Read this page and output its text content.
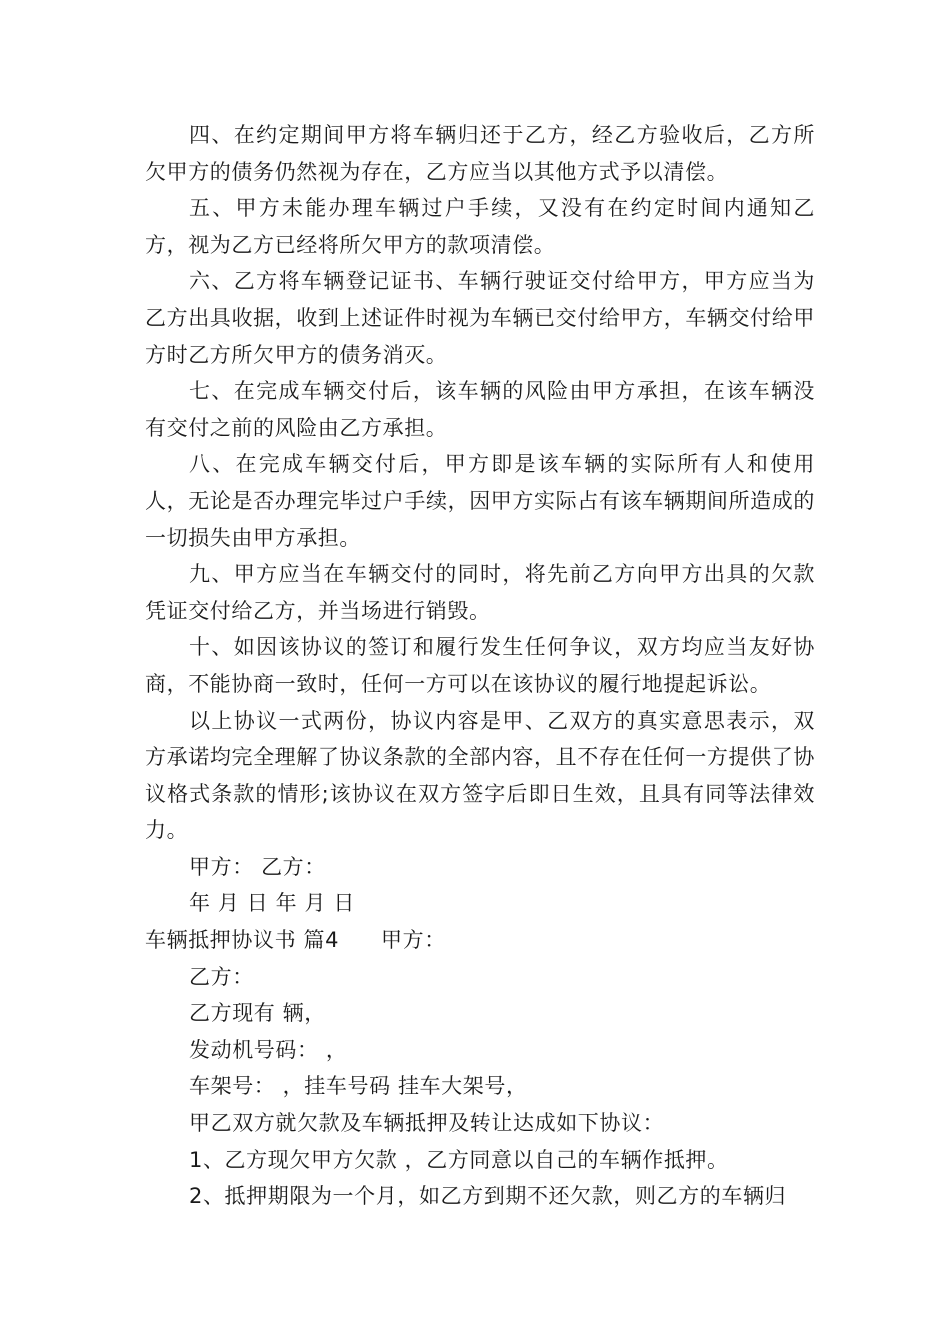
四、在约定期间甲方将车辆归还于乙方，经乙方验收后，乙方所欠甲方的债务仍然视为存在，乙方应当以其他方式予以清偿。

五、甲方未能办理车辆过户手续，又没有在约定时间内通知乙方，视为乙方已经将所欠甲方的款项清偿。

六、乙方将车辆登记证书、车辆行驶证交付给甲方，甲方应当为乙方出具收据，收到上述证件时视为车辆已交付给甲方，车辆交付给甲方时乙方所欠甲方的债务消灭。

七、在完成车辆交付后，该车辆的风险由甲方承担，在该车辆没有交付之前的风险由乙方承担。

八、在完成车辆交付后，甲方即是该车辆的实际所有人和使用人，无论是否办理完毕过户手续，因甲方实际占有该车辆期间所造成的一切损失由甲方承担。

九、甲方应当在车辆交付的同时，将先前乙方向甲方出具的欠款凭证交付给乙方，并当场进行销毁。

十、如因该协议的签订和履行发生任何争议，双方均应当友好协商，不能协商一致时，任何一方可以在该协议的履行地提起诉讼。

以上协议一式两份，协议内容是甲、乙双方的真实意思表示，双方承诺均完全理解了协议条款的全部内容，且不存在任何一方提供了协议格式条款的情形;该协议在双方签字后即日生效，且具有同等法律效力。

甲方： 乙方：

年 月 日 年 月 日

车辆抵押协议书 篇4 甲方：

乙方：

乙方现有 辆，

发动机号码： ，

车架号： ，挂车号码 挂车大架号，

甲乙双方就欠款及车辆抵押及转让达成如下协议：

1、乙方现欠甲方欠款 ，乙方同意以自己的车辆作抵押。

2、抵押期限为一个月，如乙方到期不还欠款，则乙方的车辆归
